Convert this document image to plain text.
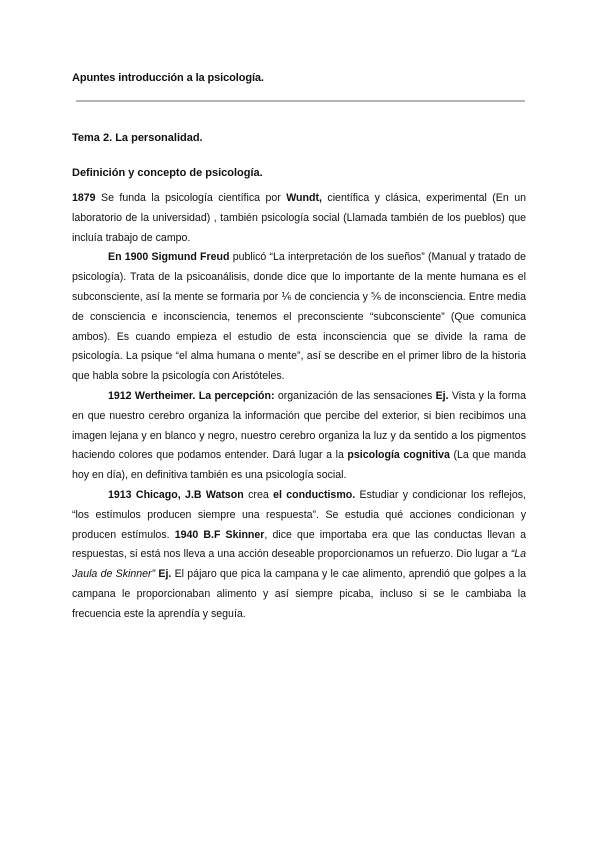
Apuntes introducción a la psicología.
Tema 2. La personalidad.
Definición y concepto de psicología.

1879 Se funda la psicología científica por Wundt, científica y clásica, experimental (En un laboratorio de la universidad) , también psicología social (Llamada también de los pueblos) que incluía trabajo de campo.

En 1900 Sigmund Freud publicó “La interpretación de los sueños” (Manual y tratado de psicología). Trata de la psicoanálisis, donde dice que lo importante de la mente humana es el subconsciente, así la mente se formaria por ⅙ de conciencia y ⅚ de inconsciencia. Entre media de consciencia e inconsciencia, tenemos el preconsciente “subconsciente” (Que comunica ambos). Es cuando empieza el estudio de esta inconsciencia que se divide la rama de psicología. La psique “el alma humana o mente”, así se describe en el primer libro de la historia que habla sobre la psicología con Aristóteles.

1912 Wertheimer. La percepción: organización de las sensaciones Ej. Vista y la forma en que nuestro cerebro organiza la información que percibe del exterior, si bien recibimos una imagen lejana y en blanco y negro, nuestro cerebro organiza la luz y da sentido a los pigmentos haciendo colores que podamos entender. Dará lugar a la psicología cognitiva (La que manda hoy en día), en definitiva también es una psicología social.

1913 Chicago, J.B Watson crea el conductismo. Estudiar y condicionar los reflejos, “los estímulos producen siempre una respuesta”. Se estudia qué acciones condicionan y producen estímulos. 1940 B.F Skinner, dice que importaba era que las conductas llevan a respuestas, si está nos lleva a una acción deseable proporcionamos un refuerzo. Dio lugar a “La Jaula de Skinner” Ej. El pájaro que pica la campana y le cae alimento, aprendió que golpes a la campana le proporcionaban alimento y así siempre picaba, incluso si se le cambiaba la frecuencia este la aprendía y seguía.
